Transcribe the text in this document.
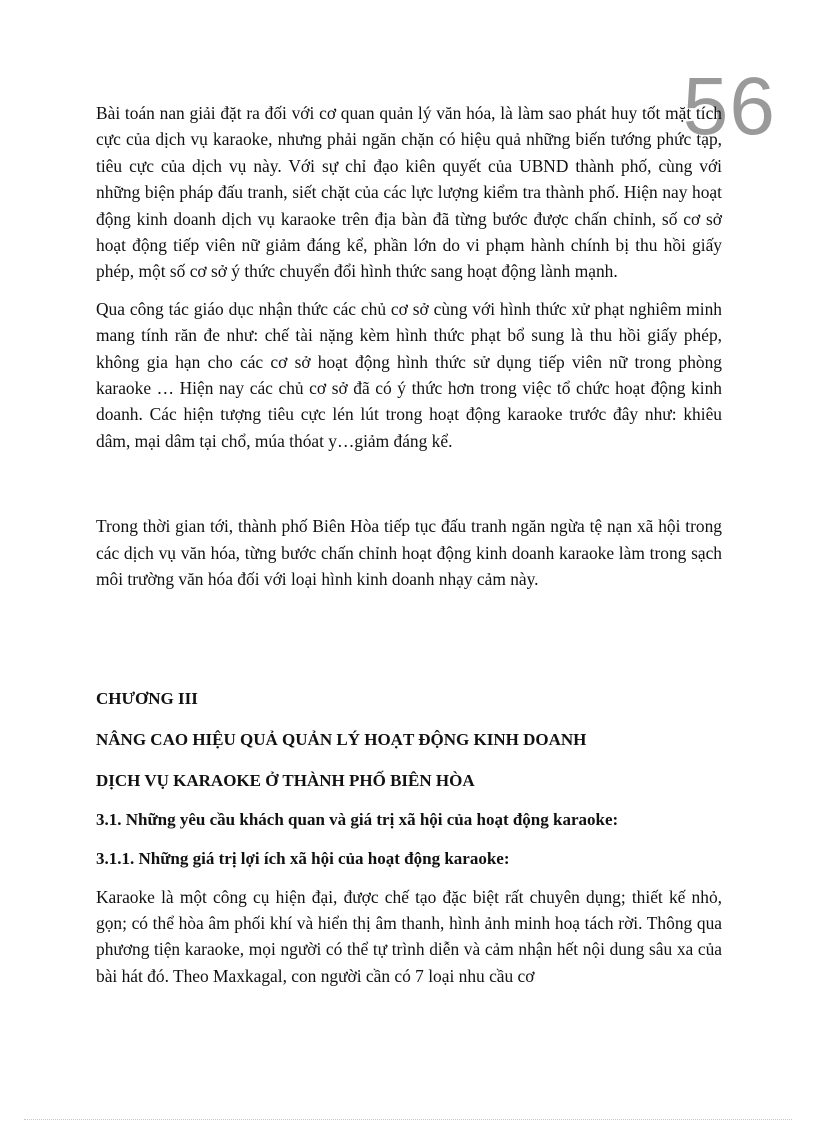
56

Bài toán nan giải đặt ra đối với cơ quan quản lý văn hóa, là làm sao phát huy tốt mặt tích cực của dịch vụ karaoke, nhưng phải ngăn chặn có hiệu quả những biến tướng phức tạp, tiêu cực của dịch vụ này. Với sự chỉ đạo kiên quyết của UBND thành phố, cùng với những biện pháp đấu tranh, siết chặt của các lực lượng kiểm tra thành phố. Hiện nay hoạt động kinh doanh dịch vụ karaoke trên địa bàn đã từng bước được chấn chỉnh, số cơ sở hoạt động tiếp viên nữ giảm đáng kể, phần lớn do vi phạm hành chính bị thu hồi giấy phép, một số cơ sở ý thức chuyển đổi hình thức sang hoạt động lành mạnh.

Qua công tác giáo dục nhận thức các chủ cơ sở cùng với hình thức xử phạt nghiêm minh mang tính răn đe như: chế tài nặng kèm hình thức phạt bổ sung là thu hồi giấy phép, không gia hạn cho các cơ sở hoạt động hình thức sử dụng tiếp viên nữ trong phòng karaoke … Hiện nay các chủ cơ sở đã có ý thức hơn trong việc tổ chức hoạt động kinh doanh. Các hiện tượng tiêu cực lén lút trong hoạt động karaoke trước đây như: khiêu dâm, mại dâm tại chổ, múa thóat y…giảm đáng kể.

Trong thời gian tới, thành phố Biên Hòa tiếp tục đấu tranh ngăn ngừa tệ nạn xã hội trong các dịch vụ văn hóa, từng bước chấn chỉnh hoạt động kinh doanh karaoke làm trong sạch môi trường văn hóa đối với loại hình kinh doanh nhạy cảm này.

CHƯƠNG III
NÂNG CAO HIỆU QUẢ QUẢN LÝ HOẠT ĐỘNG KINH DOANH
DỊCH VỤ KARAOKE Ở THÀNH PHỐ BIÊN HÒA
3.1. Những yêu cầu khách quan và giá trị xã hội của hoạt động karaoke:
3.1.1. Những giá trị lợi ích xã hội của hoạt động karaoke:

Karaoke là một công cụ hiện đại, được chế tạo đặc biệt rất chuyên dụng; thiết kế nhỏ, gọn; có thể hòa âm phối khí và hiển thị âm thanh, hình ảnh minh hoạ tách rời. Thông qua phương tiện karaoke, mọi người có thể tự trình diễn và cảm nhận hết nội dung sâu xa của bài hát đó. Theo Maxkagal, con người cần có 7 loại nhu cầu cơ
